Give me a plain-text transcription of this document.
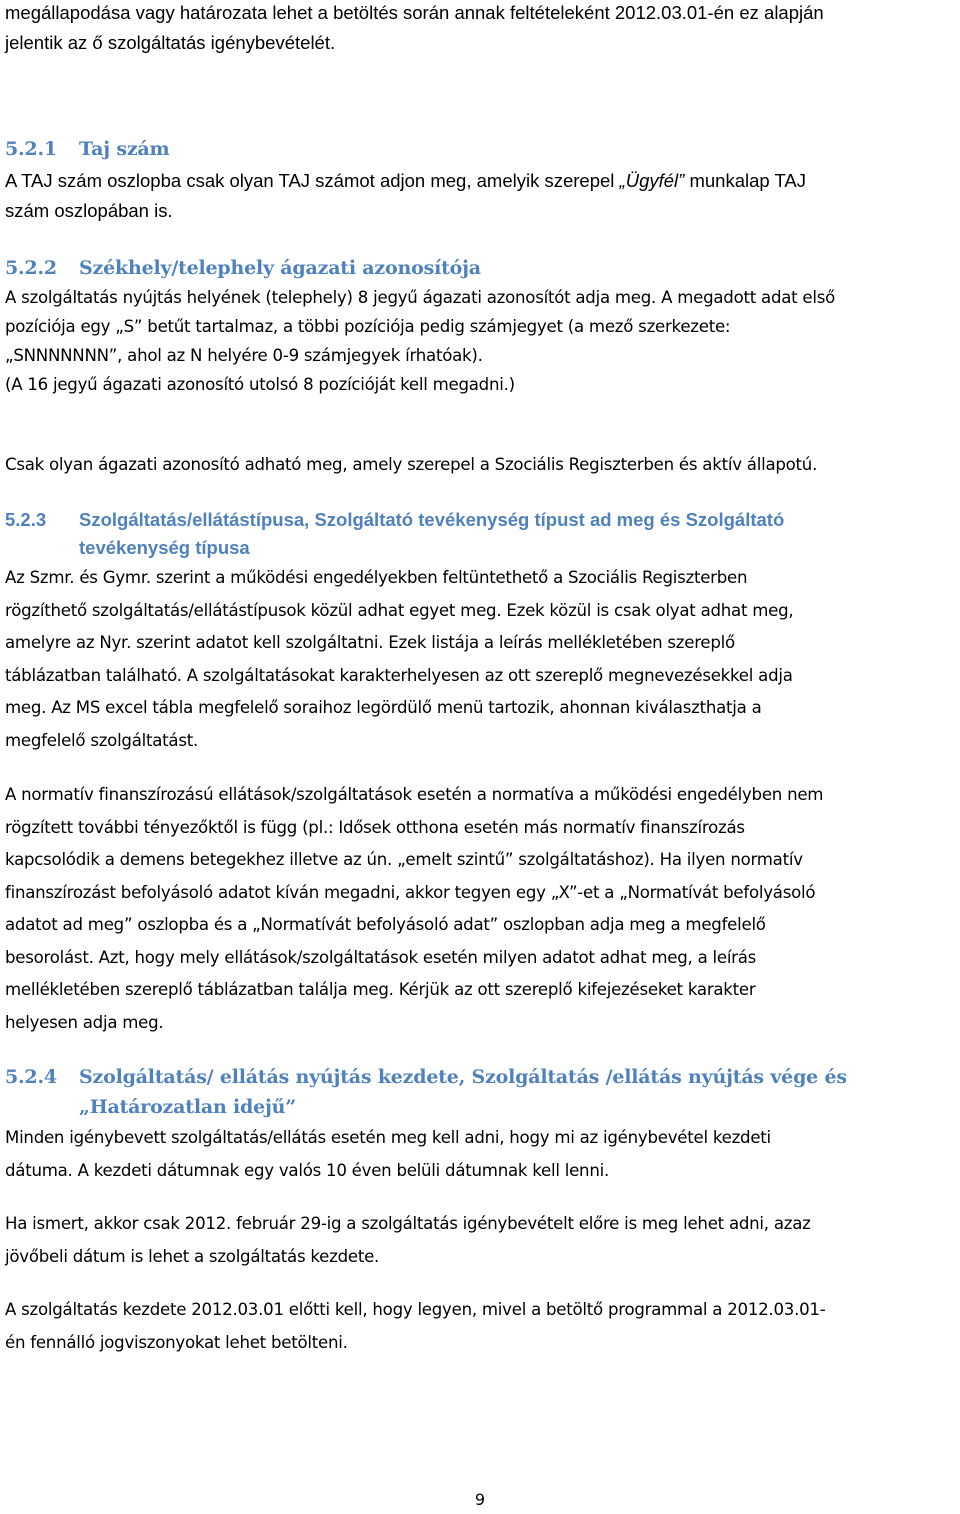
megállapodása vagy határozata lehet a betöltés során annak feltételeként 2012.03.01-én ez alapján

jelentik az ő szolgáltatás igénybevételét.

5.2.1 Taj szám

A TAJ szám oszlopba csak olyan TAJ számot adjon meg, amelyik szerepel „Ügyfél” munkalap TAJ

szám oszlopában is.

5.2.2 Székhely/telephely ágazati azonosítója

A szolgáltatás nyújtás helyének (telephely) 8 jegyű ágazati azonosítót adja meg. A megadott adat első

pozíciója egy „S” betűt tartalmaz, a többi pozíciója pedig számjegyet (a mező szerkezete:

„SNNNNNNN”, ahol az N helyére 0-9 számjegyek írhatóak).

(A 16 jegyű ágazati azonosító utolsó 8 pozícióját kell megadni.)

Csak olyan ágazati azonosító adható meg, amely szerepel a Szociális Regiszterben és aktív állapotú.

5.2.3 Szolgáltatás/ellátástípusa, Szolgáltató tevékenység típust ad meg és Szolgáltató
tevékenység típusa

Az Szmr. és Gymr. szerint a működési engedélyekben feltüntethető a Szociális Regiszterben

rögzíthető szolgáltatás/ellátástípusok közül adhat egyet meg. Ezek közül is csak olyat adhat meg,

amelyre az Nyr. szerint adatot kell szolgáltatni. Ezek listája a leírás mellékletében szereplő

táblázatban található. A szolgáltatásokat karakterhelyesen az ott szereplő megnevezésekkel adja

meg. Az MS excel tábla megfelelő soraihoz legördülő menü tartozik, ahonnan kiválaszthatja a

megfelelő szolgáltatást.

A normatív finanszírozású ellátások/szolgáltatások esetén a normatíva a működési engedélyben nem

rögzített további tényezőktől is függ (pl.: Idősek otthona esetén más normatív finanszírozás

kapcsolódik a demens betegekhez illetve az ún. „emelt szintű” szolgáltatáshoz). Ha ilyen normatív

finanszírozást befolyásoló adatot kíván megadni, akkor tegyen egy „X”-et a „Normatívát befolyásoló

adatot ad meg” oszlopba és a „Normatívát befolyásoló adat” oszlopban adja meg a megfelelő

besorolást. Azt, hogy mely ellátások/szolgáltatások esetén milyen adatot adhat meg, a leírás

mellékletében szereplő táblázatban találja meg. Kérjük az ott szereplő kifejezéseket karakter

helyesen adja meg.

5.2.4 Szolgáltatás/ ellátás nyújtás kezdete, Szolgáltatás /ellátás nyújtás vége és
„Határozatlan idejű”

Minden igénybevett szolgáltatás/ellátás esetén meg kell adni, hogy mi az igénybevétel kezdeti

dátuma. A kezdeti dátumnak egy valós 10 éven belüli dátumnak kell lenni.

Ha ismert, akkor csak 2012. február 29-ig a szolgáltatás igénybevételt előre is meg lehet adni, azaz

jövőbeli dátum is lehet a szolgáltatás kezdete.

A szolgáltatás kezdete 2012.03.01 előtti kell, hogy legyen, mivel a betöltő programmal a 2012.03.01-

én fennálló jogviszonyokat lehet betölteni.

9
